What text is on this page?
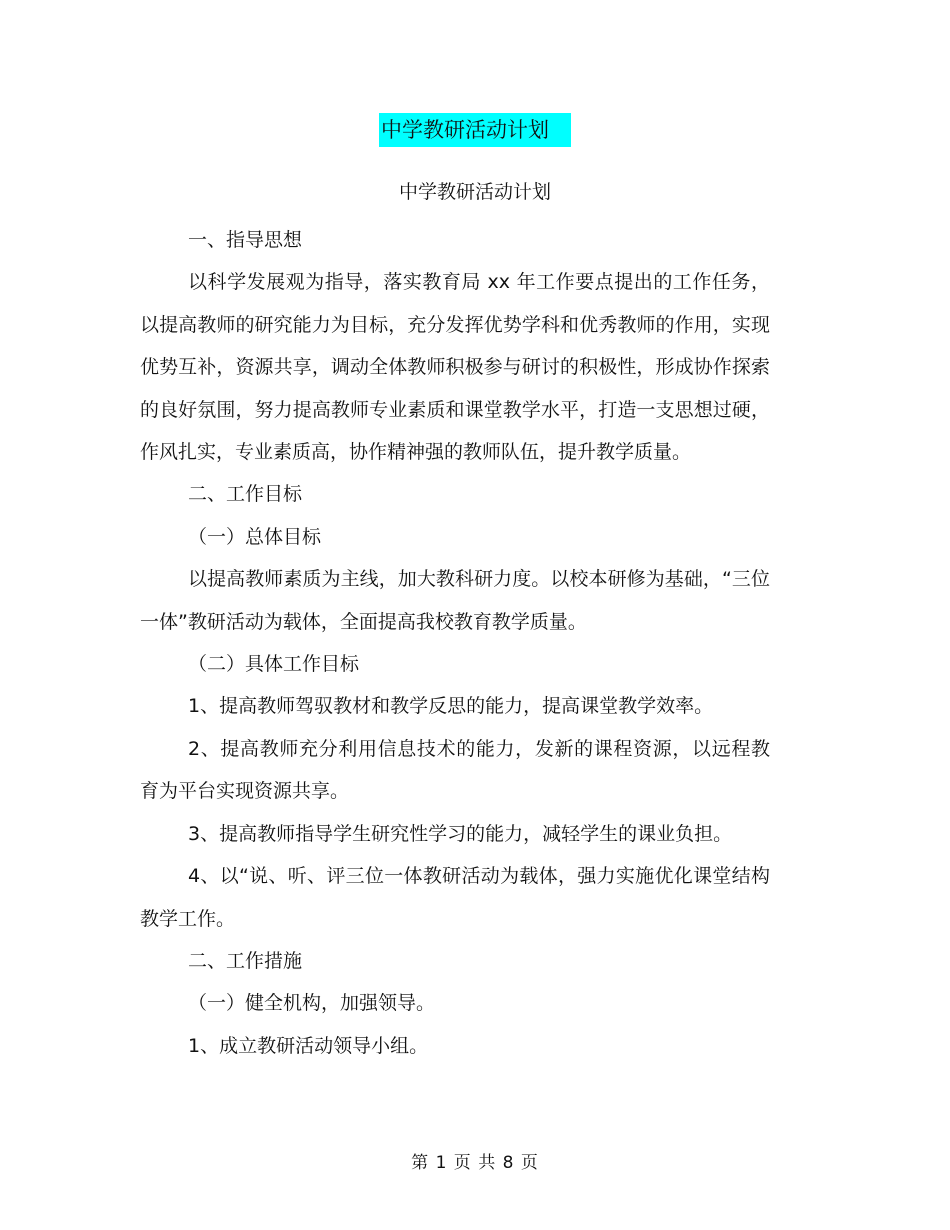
中学教研活动计划
中学教研活动计划

一、指导思想

以科学发展观为指导，落实教育局 xx 年工作要点提出的工作任务，以提高教师的研究能力为目标，充分发挥优势学科和优秀教师的作用，实现优势互补，资源共享，调动全体教师积极参与研讨的积极性，形成协作探索的良好氛围，努力提高教师专业素质和课堂教学水平，打造一支思想过硬，作风扎实，专业素质高，协作精神强的教师队伍，提升教学质量。

二、工作目标

（一）总体目标

以提高教师素质为主线，加大教科研力度。以校本研修为基础，“三位一体”教研活动为载体，全面提高我校教育教学质量。

（二）具体工作目标

1、提高教师驾驭教材和教学反思的能力，提高课堂教学效率。

2、提高教师充分利用信息技术的能力，发新的课程资源，以远程教育为平台实现资源共享。

3、提高教师指导学生研究性学习的能力，减轻学生的课业负担。

4、以“说、听、评三位一体教研活动为载体，强力实施优化课堂结构教学工作。

二、工作措施

（一）健全机构，加强领导。

1、成立教研活动领导小组。

第 1 页 共 8 页
